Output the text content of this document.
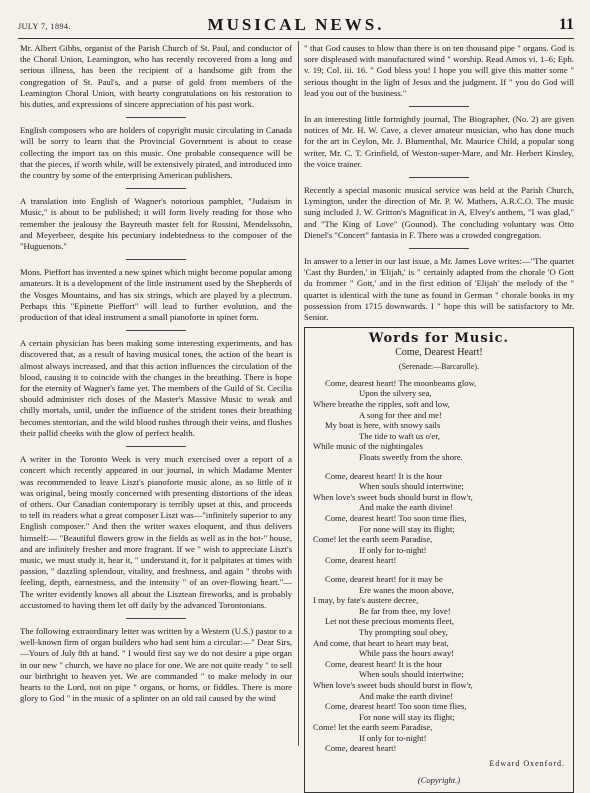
JULY 7, 1894.	MUSICAL NEWS.	11

Mr. Albert Gibbs, organist of the Parish Church of St. Paul, and conductor of the Choral Union, Leamington, who has recently recovered from a long and serious illness, has been the recipient of a handsome gift from the congregation of St. Paul's, and a purse of gold from members of the Leamington Choral Union, with hearty congratulations on his restoration to his duties, and expressions of sincere appreciation of his past work.

English composers who are holders of copyright music circulating in Canada will be sorry to learn that the Provincial Government is about to cease collecting the import tax on this music. One probable consequence will be that the pieces, if worth while, will be extensively pirated, and introduced into the country by some of the enterprising American publishers.

A translation into English of Wagner's notorious pamphlet, "Judaism in Music," is about to be published; it will form lively reading for those who remember the jealousy the Bayreuth master felt for Rossini, Mendelssohn, and Meyerbeer, despite his pecuniary indebtedness to the composer of the "Huguenots."

Mons. Pieffort has invented a new spinet which might become popular among amateurs. It is a development of the little instrument used by the Shepherds of the Vosges Mountains, and has six strings, which are played by a plectrum. Perhaps this "Epinette Pieffort" will lead to further evolution, and the production of that ideal instrument a small pianoforte in spinet form.

A certain physician has been making some interesting experiments, and has discovered that, as a result of having musical tones, the action of the heart is almost always increased, and that this action influences the circulation of the blood, causing it to coincide with the changes in the breathing. There is hope for the eternity of Wagner's fame yet. The members of the Guild of St. Cecilia should administer rich doses of the Master's Massive Music to weak and chilly mortals, until, under the influence of the strident tones their breathing becomes stentorian, and the wild blood rushes through their veins, and flushes their pallid cheeks with the glow of perfect health.

A writer in the Toronto Week is very much exercised over a report of a concert which recently appeared in our journal, in which Madame Menter was recommended to leave Liszt's pianoforte music alone, as so little of it was original, being mostly concerned with presenting distortions of the ideas of others. Our Canadian contemporary is terribly upset at this, and proceeds to tell its readers what a great composer Liszt was—"infinitely superior to any English composer." And then the writer waxes eloquent, and thus delivers himself:— "Beautiful flowers grow in the fields as well as in the hot-" house, and are infinitely fresher and more fragrant. If we " wish to appreciate Liszt's music, we must study it, hear it, " understand it, for it palpitates at times with passion, " dazzling splendour, vitality, and freshness, and again " throbs with feeling, depth, earnestness, and the intensity " of an over-flowing heart."—The writer evidently knows all about the Lisztean fireworks, and is probably accustomed to having them let off daily by the advanced Torontonians.

The following extraordinary letter was written by a Western (U.S.) pastor to a well-known firm of organ builders who had sent him a circular:—" Dear Sirs,—Yours of July 8th at hand. " I would first say we do not desire a pipe organ in our new " church, we have no place for one. We are not quite ready " to sell our birthright to heaven yet. We are commanded " to make melody in our hearts to the Lord, not on pipe " organs, or horns, or fiddles. There is more glory to God " in the music of a splinter on an old rail caused by the wind

" that God causes to blow than there is on ten thousand pipe " organs. God is sore displeased with manufactured wind " worship. Read Amos vi. 1–6; Eph. v. 19; Col. iii. 16. " God bless you! I hope you will give this matter some " serious thought in the light of Jesus and the judgment. If " you do God will lead you out of the business."

In an interesting little fortnightly journal, The Biographer, (No. 2) are given notices of Mr. H. W. Cave, a clever amateur musician, who has done much for the art in Ceylon, Mr. J. Blumenthal, Mr. Maurice Child, a popular song writer, Mr. C. T. Grinfield, of Weston-super-Mare, and Mr. Herbert Kinsley, the voice trainer.

Recently a special masonic musical service was held at the Parish Church, Lymington, under the direction of Mr. P. W. Mathers, A.R.C.O. The music sung included J. W. Gritton's Magnificat in A, Elvey's anthem, "I was glad," and "The King of Love" (Gounod). The concluding voluntary was Otto Dienel's "Concert" fantasia in F. There was a crowded congregation.

In answer to a letter in our last issue, a Mr. James Love writes:—"The quartet 'Cast thy Burden,' in 'Elijah,' is " certainly adapted from the chorale 'O Gott du frommer " Gott,' and in the first edition of 'Elijah' the melody of the " quartet is identical with the tune as found in German " chorale books in my possession from 1715 downwards. I " hope this will be satisfactory to Mr. Senior.

Words for Music.
Come, Dearest Heart!
(Serenade:—Barcarolle).
Come, dearest heart! The moonbeams glow,
Upon the silvery sea,
Where breathe the ripples, soft and low,
A song for thee and me!
My boat is here, with snowy sails
The tide to waft us o'er,
While music of the nightingales
Floats sweetly from the shore.
Come, dearest heart! It is the hour
When souls should intertwine;
When love's sweet buds should burst in flow'r,
And make the earth divine!
Come, dearest heart! Too soon time flies,
For none will stay its flight;
Come! let the earth seem Paradise,
If only for to-night!
Come, dearest heart!
Come, dearest heart! for it may be
Ere wanes the moon above,
I may, by fate's austere decree,
Be far from thee, my love!
Let not these precious moments fleet,
Thy prompting soul obey,
And come, that heart to heart may beat,
While pass the hours away!
Come, dearest heart! It is the hour
When souls should intertwine;
When love's sweet buds should burst in flow'r,
And make the earth divine!
Come, dearest heart! Too soon time flies,
For none will stay its flight;
Come! let the earth seem Paradise,
If only for to-night!
Come, dearest heart!
Edward Oxenford.
(Copyright.)
